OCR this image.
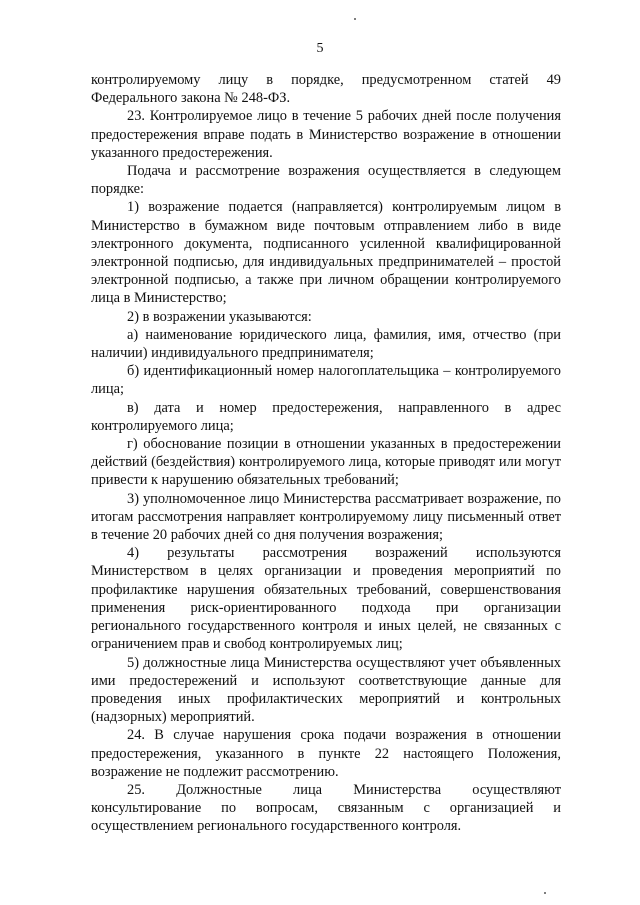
5

контролируемому лицу в порядке, предусмотренном статей 49 Федерального закона № 248-ФЗ.

23. Контролируемое лицо в течение 5 рабочих дней после получения предостережения вправе подать в Министерство возражение в отношении указанного предостережения.

Подача и рассмотрение возражения осуществляется в следующем порядке:

1) возражение подается (направляется) контролируемым лицом в Министерство в бумажном виде почтовым отправлением либо в виде электронного документа, подписанного усиленной квалифицированной электронной подписью, для индивидуальных предпринимателей – простой электронной подписью, а также при личном обращении контролируемого лица в Министерство;

2) в возражении указываются:

а) наименование юридического лица, фамилия, имя, отчество (при наличии) индивидуального предпринимателя;

б) идентификационный номер налогоплательщика – контролируемого лица;

в) дата и номер предостережения, направленного в адрес контролируемого лица;

г) обоснование позиции в отношении указанных в предостережении действий (бездействия) контролируемого лица, которые приводят или могут привести к нарушению обязательных требований;

3) уполномоченное лицо Министерства рассматривает возражение, по итогам рассмотрения направляет контролируемому лицу письменный ответ в течение 20 рабочих дней со дня получения возражения;

4) результаты рассмотрения возражений используются Министерством в целях организации и проведения мероприятий по профилактике нарушения обязательных требований, совершенствования применения риск-ориентированного подхода при организации регионального государственного контроля и иных целей, не связанных с ограничением прав и свобод контролируемых лиц;

5) должностные лица Министерства осуществляют учет объявленных ими предостережений и используют соответствующие данные для проведения иных профилактических мероприятий и контрольных (надзорных) мероприятий.

24. В случае нарушения срока подачи возражения в отношении предостережения, указанного в пункте 22 настоящего Положения, возражение не подлежит рассмотрению.

25. Должностные лица Министерства осуществляют консультирование по вопросам, связанным с организацией и осуществлением регионального государственного контроля.
